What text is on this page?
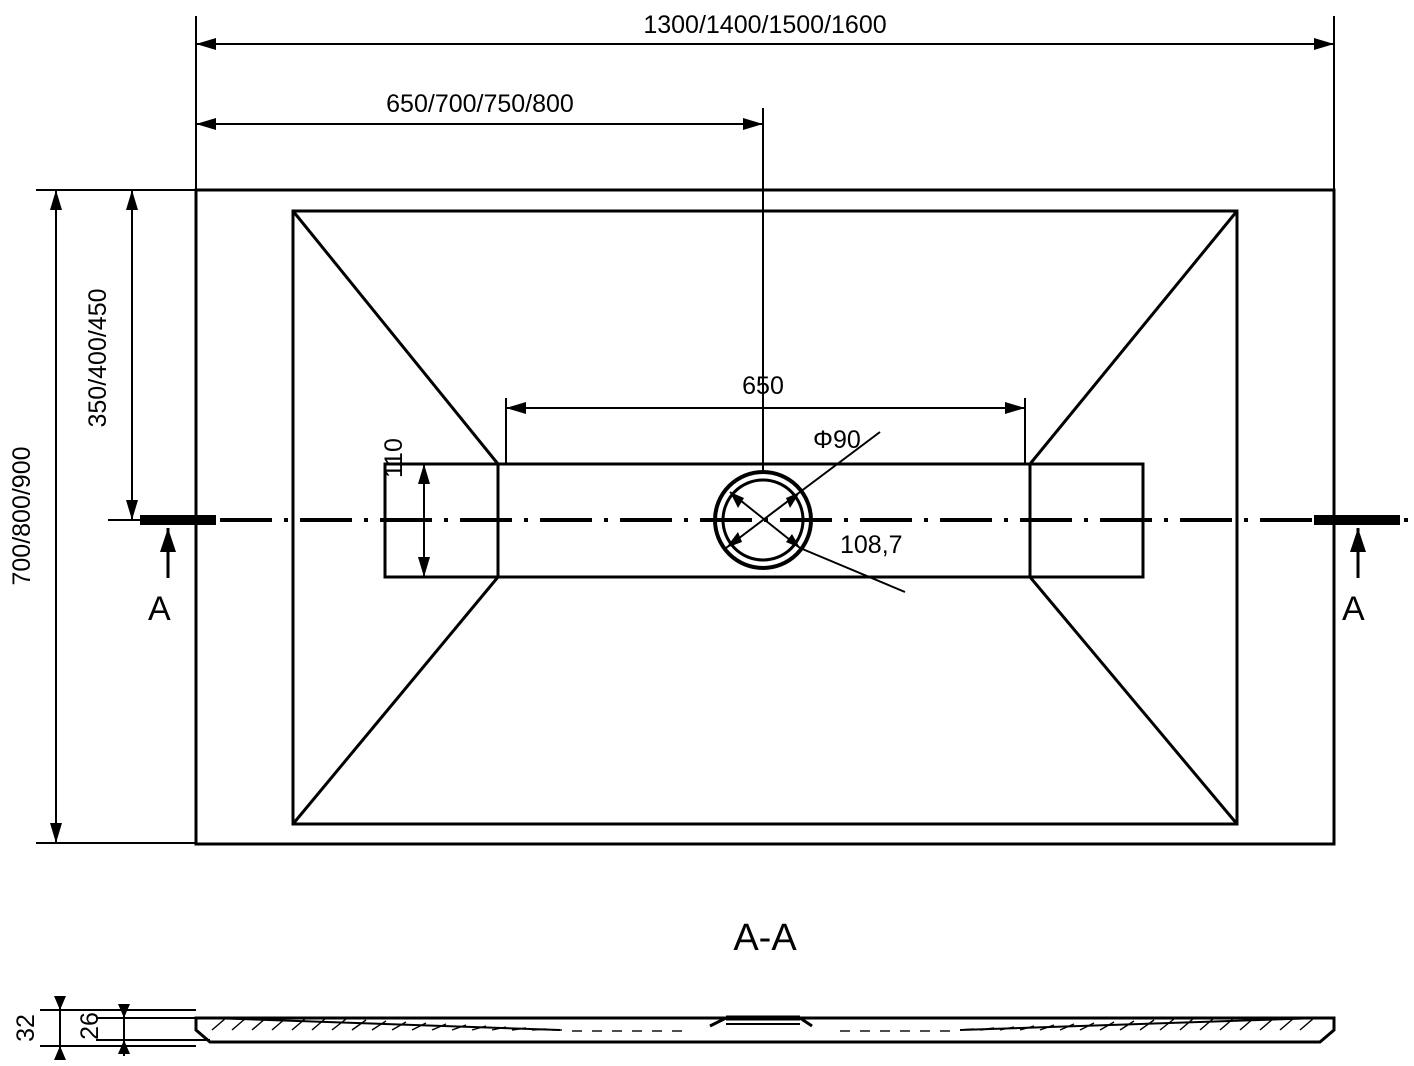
Φ90
108,7
1300/1400/1500/1600
650/700/750/800
650
700/800/900
350/400/450
110
A	A
A-A
32 26
